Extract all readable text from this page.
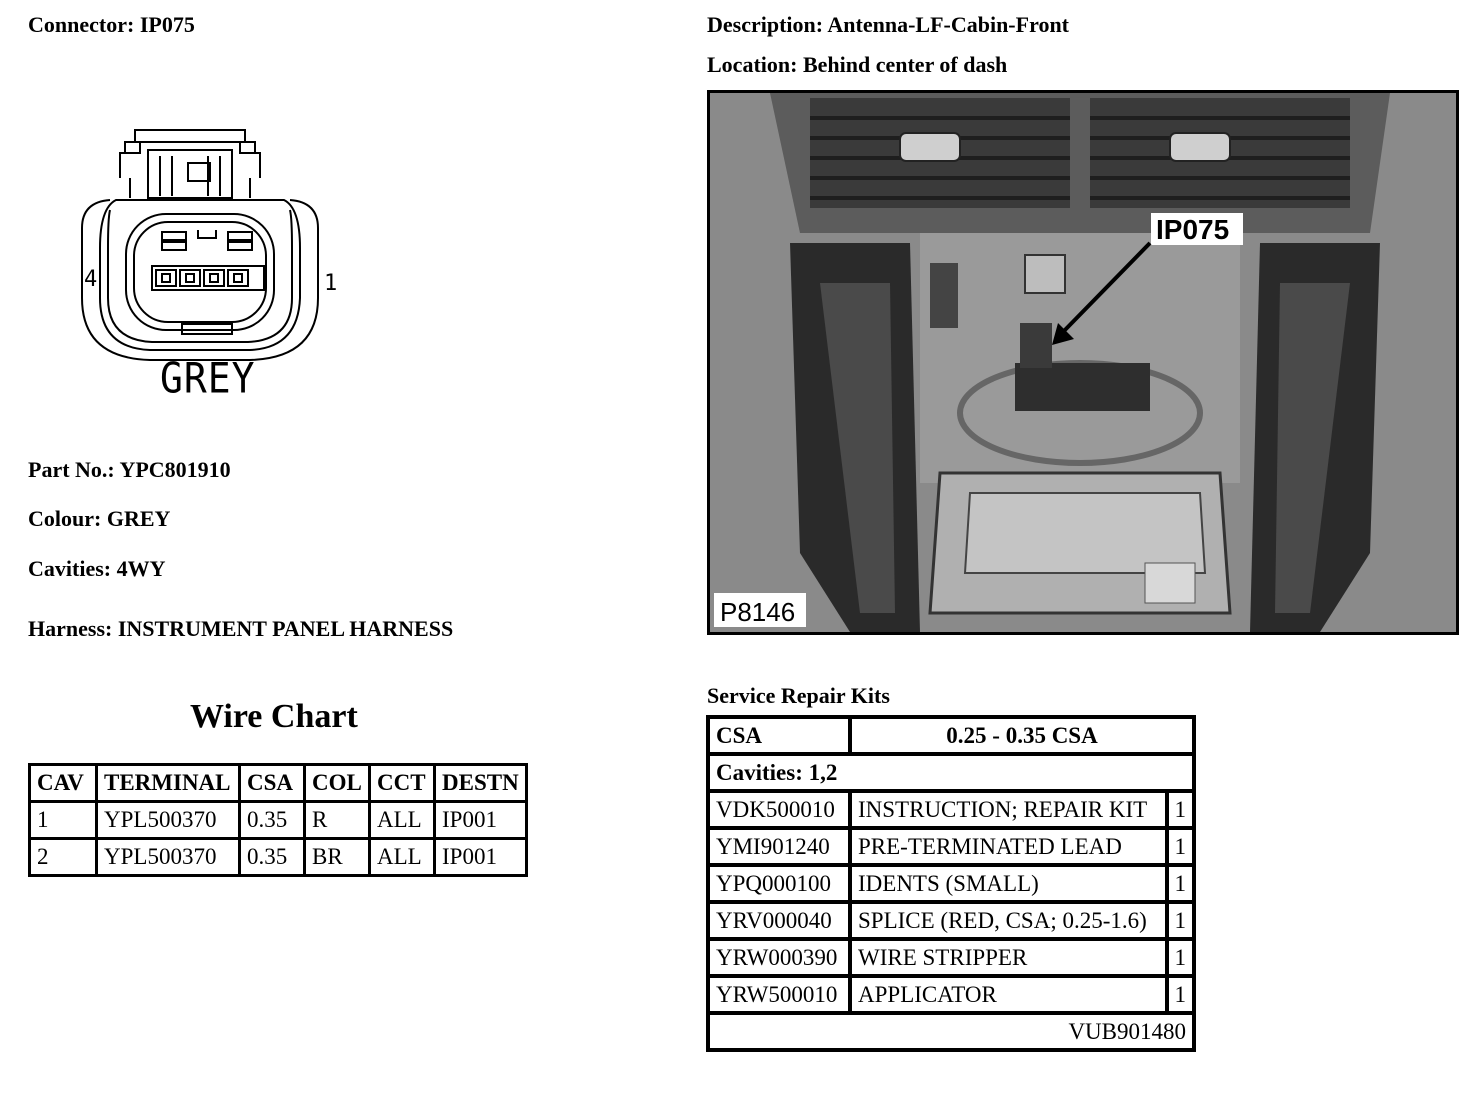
Connector: IP075	Description: Antenna-LF-Cabin-Front
Location: Behind center of dash
4	1
GREY
Part No.: YPC801910
Colour: GREY
Cavities: 4WY
Harness: INSTRUMENT PANEL HARNESS
Wire Chart
CAV	TERMINAL	CSA	COL	CCT	DESTN
1	YPL500370	0.35	R	ALL	IP001
2	YPL500370	0.35	BR	ALL	IP001
IP075
P8146
Service Repair Kits
CSA	0.25 - 0.35 CSA	
Cavities: 1,2		
VDK500010	INSTRUCTION; REPAIR KIT	1
YMI901240	PRE-TERMINATED LEAD	1
YPQ000100	IDENTS (SMALL)	1
YRV000040	SPLICE (RED, CSA; 0.25-1.6)	1
YRW000390	WIRE STRIPPER	1
YRW500010	APPLICATOR	1
VUB901480		
